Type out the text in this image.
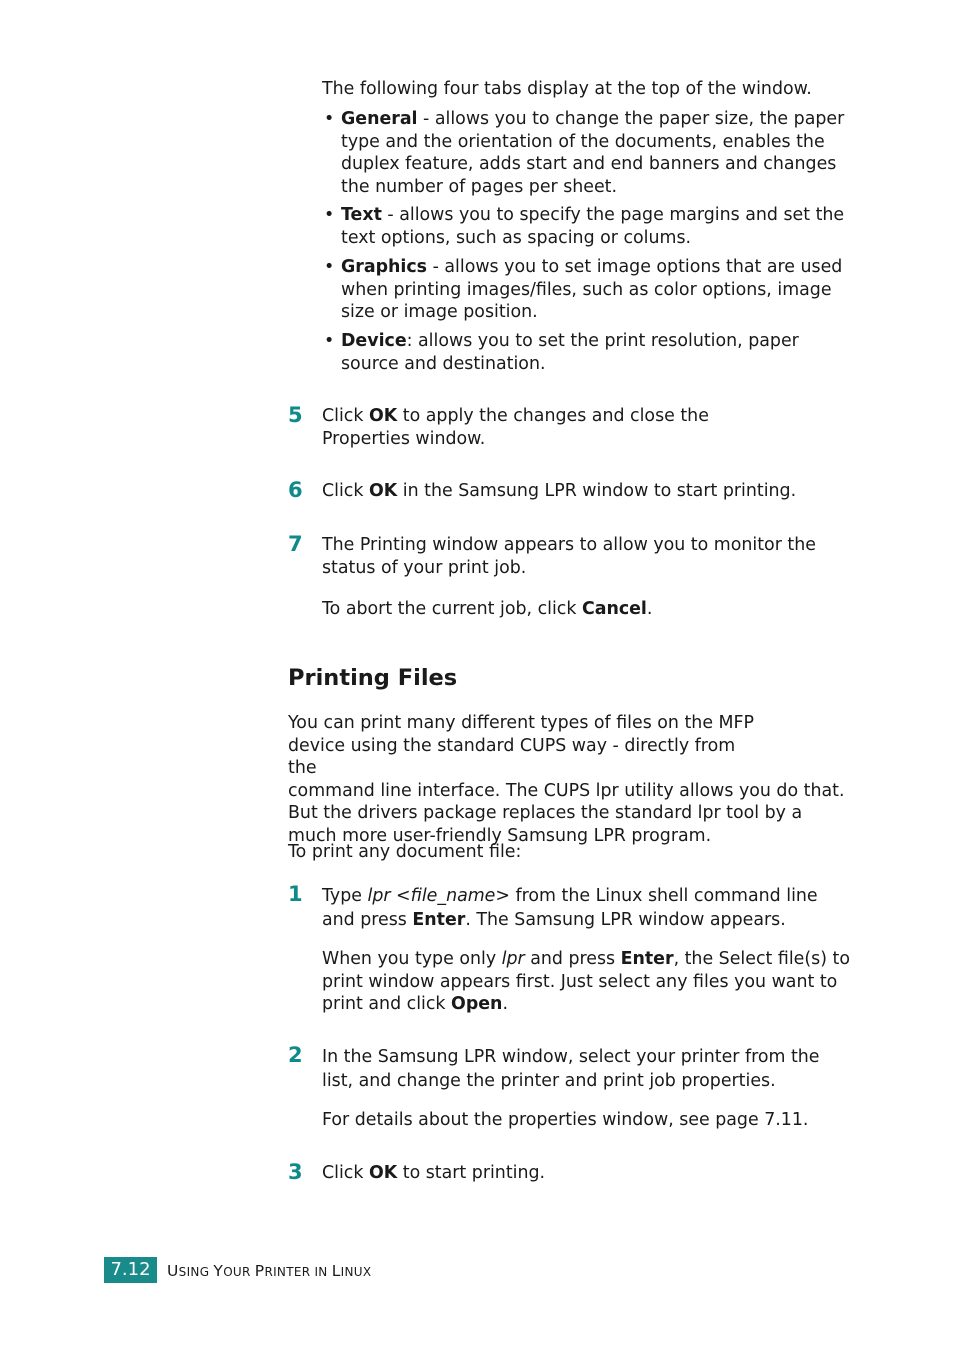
The following four tabs display at the top of the window.
• General - allows you to change the paper size, the paper type and the orientation of the documents, enables the duplex feature, adds start and end banners and changes the number of pages per sheet.
• Text - allows you to specify the page margins and set the text options, such as spacing or colums.
• Graphics - allows you to set image options that are used when printing images/files, such as color options, image size or image position.
• Device: allows you to set the print resolution, paper source and destination.
5 Click OK to apply the changes and close the Properties window.
6 Click OK in the Samsung LPR window to start printing.
7 The Printing window appears to allow you to monitor the status of your print job.
To abort the current job, click Cancel.
Printing Files
You can print many different types of files on the MFP device using the standard CUPS way - directly from the
command line interface. The CUPS lpr utility allows you do that. But the drivers package replaces the standard lpr tool by a much more user-friendly Samsung LPR program.
To print any document file:
1 Type lpr <file_name> from the Linux shell command line and press Enter. The Samsung LPR window appears.
When you type only lpr and press Enter, the Select file(s) to print window appears first. Just select any files you want to print and click Open.
2 In the Samsung LPR window, select your printer from the list, and change the printer and print job properties.
For details about the properties window, see page 7.11.
3 Click OK to start printing.
7.12	USING YOUR PRINTER IN LINUX
